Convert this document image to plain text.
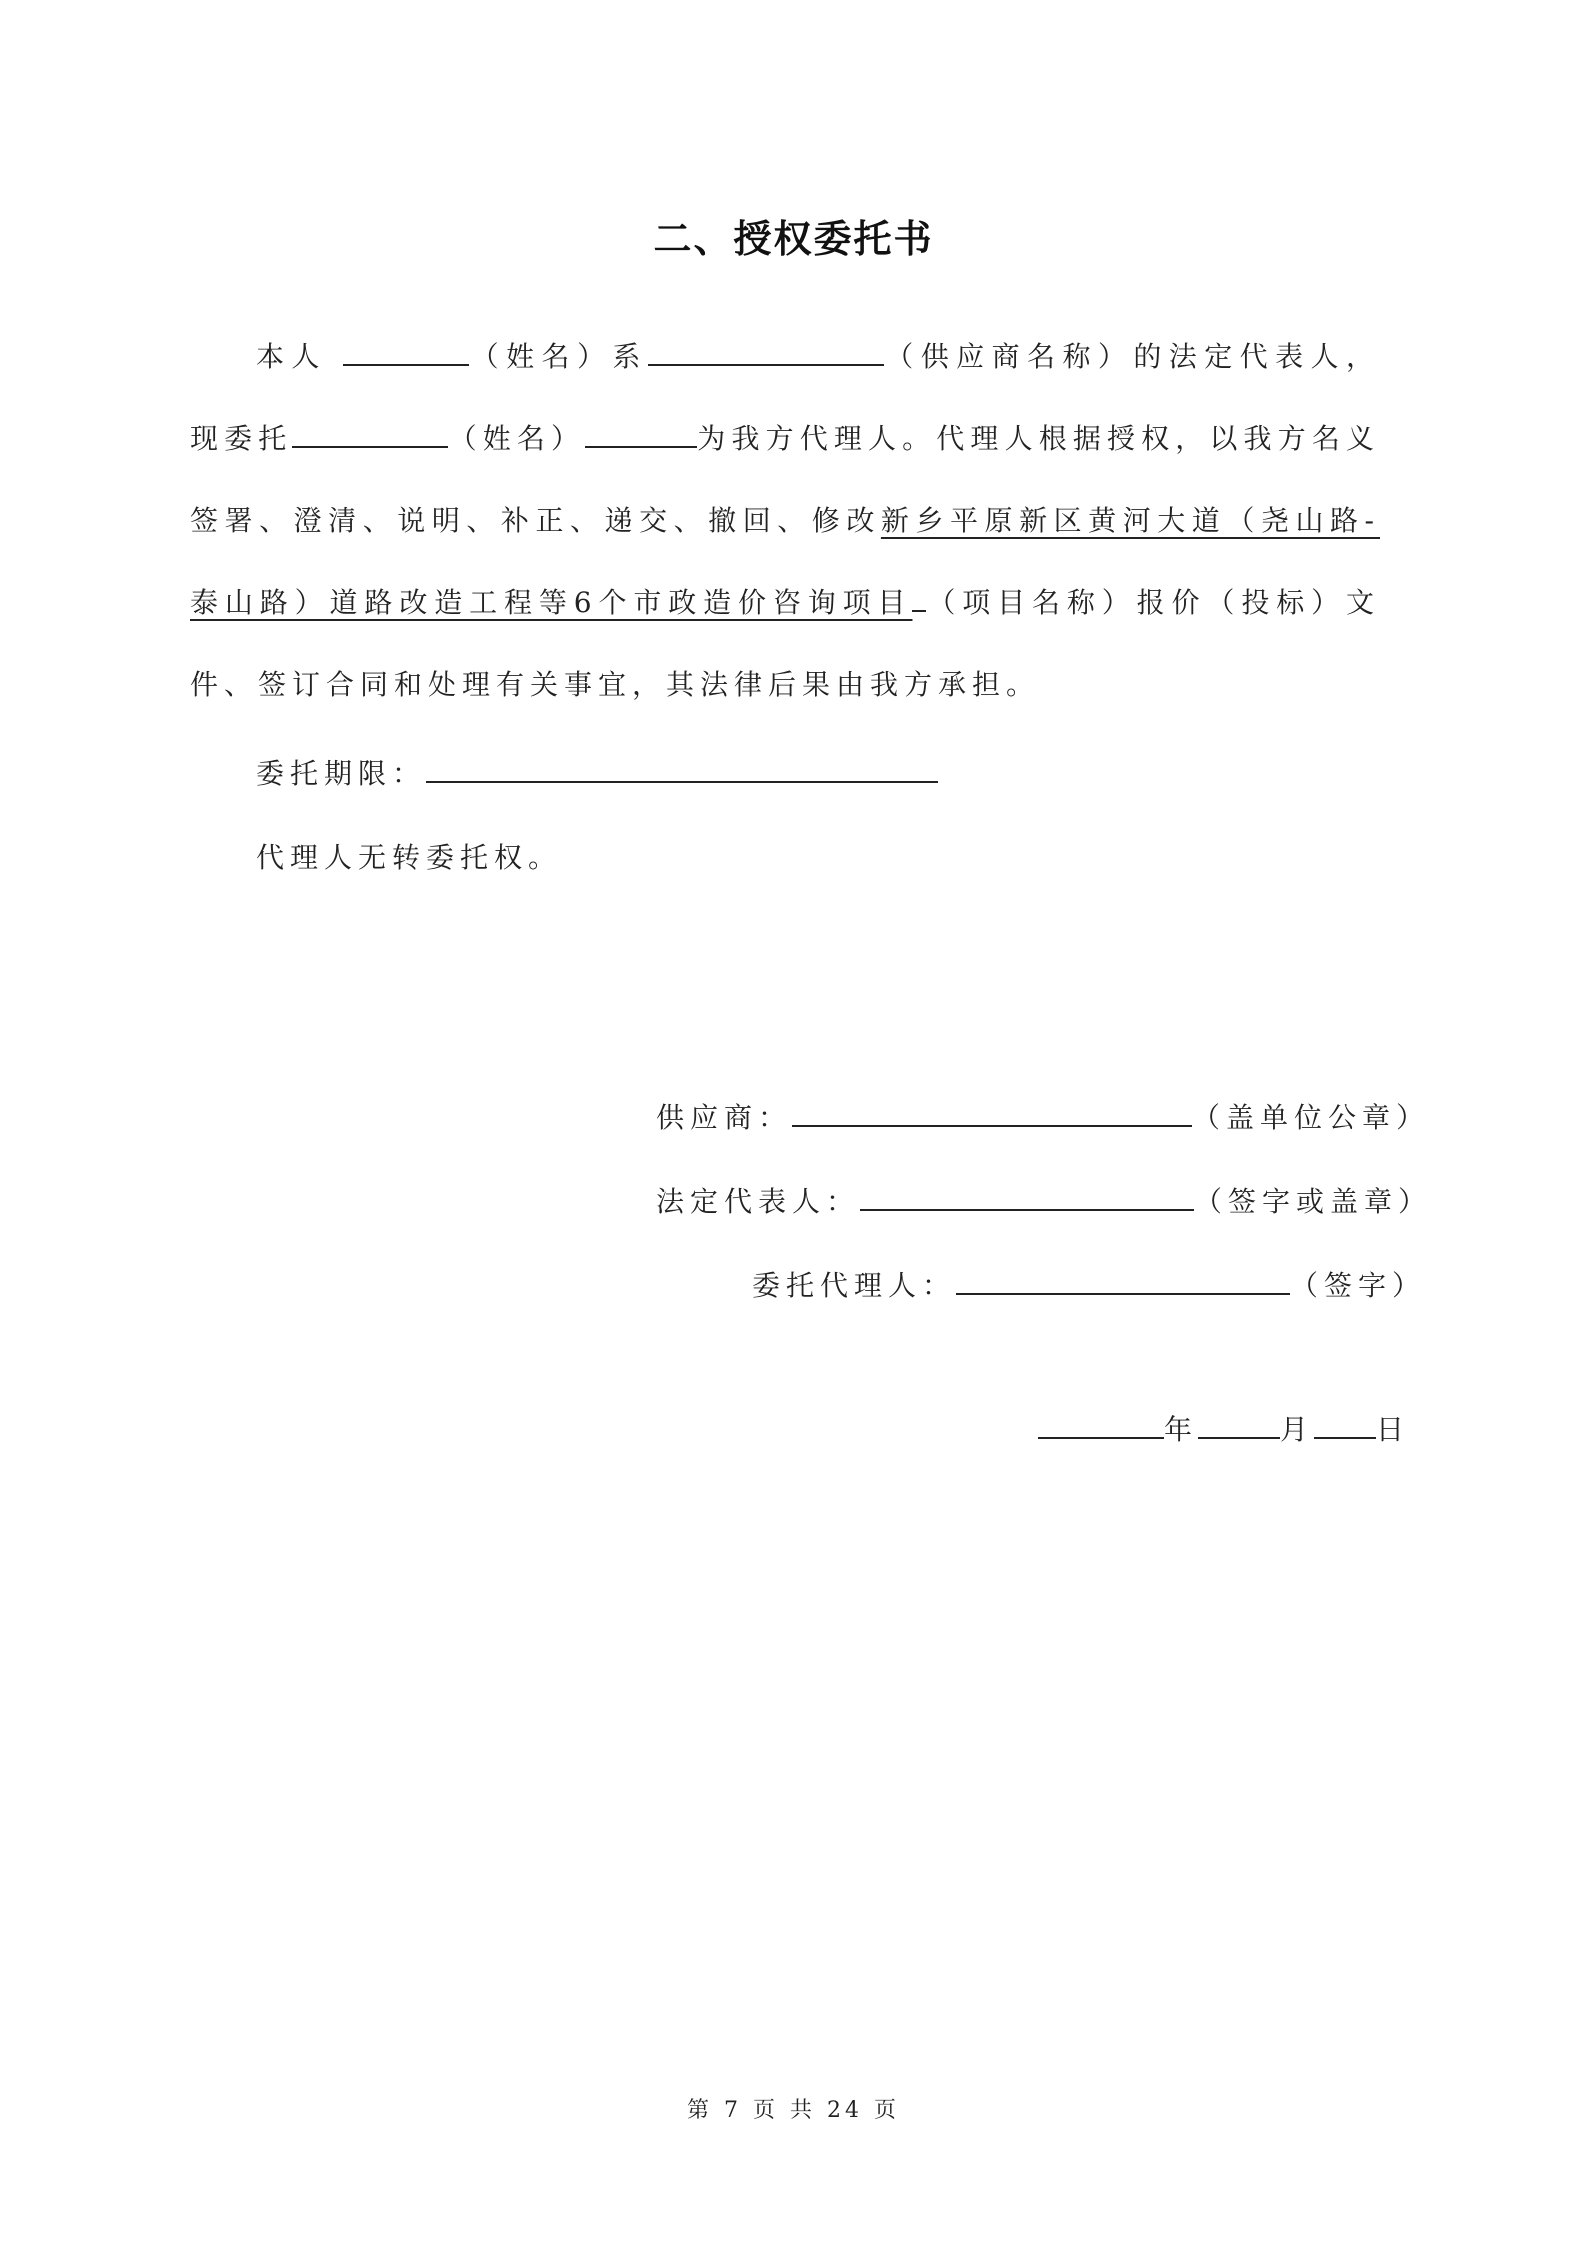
二、授权委托书
本人	（姓名）系	（供应商名称）的法定代表人，现委托	（姓名）	为我方代理人。代理人根据授权，以我方名义签署、澄清、说明、补正、递交、撤回、修改新乡平原新区黄河大道（尧山路-泰山路）道路改造工程等6个市政造价咨询项目 （项目名称）报价（投标）文件、签订合同和处理有关事宜，其法律后果由我方承担。
委托期限：
代理人无转委托权。
供应商：	（盖单位公章）
法定代表人：	（签字或盖章）
委托代理人：	（签字）
年	月 日
第 7 页 共 24 页
